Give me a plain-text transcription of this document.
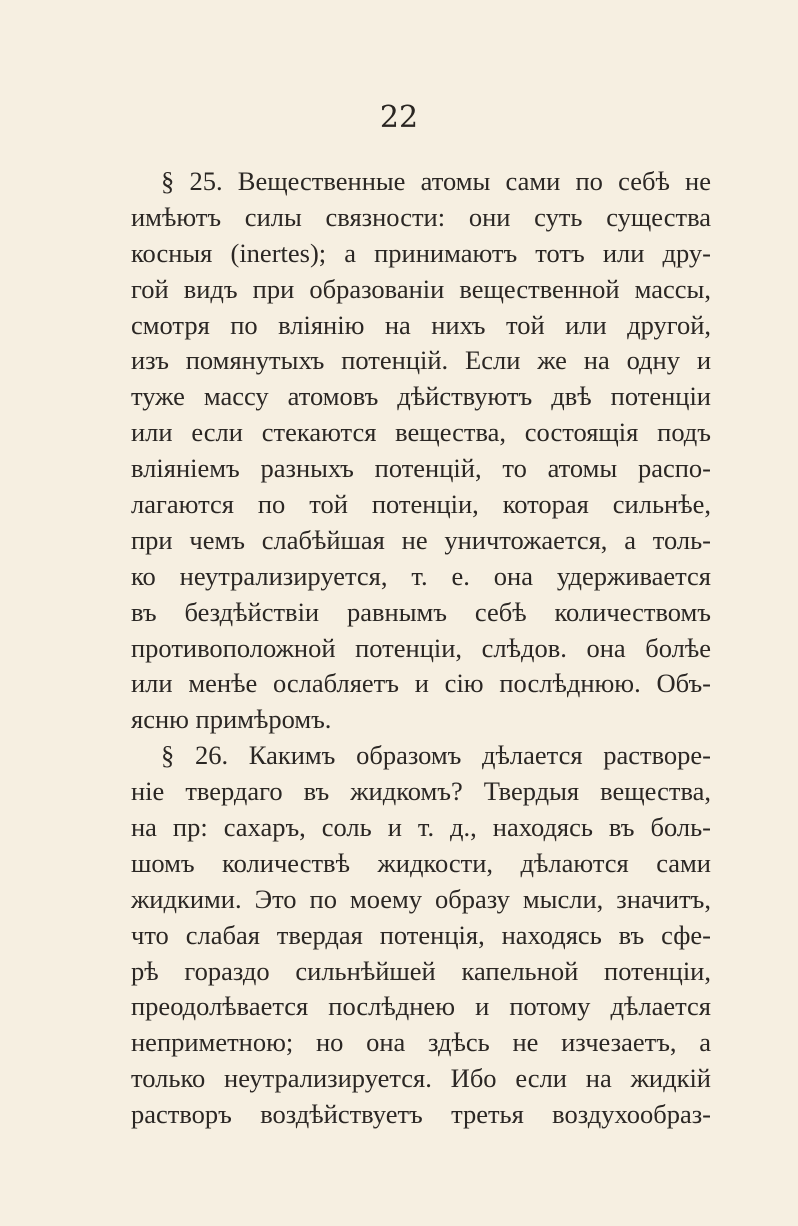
22
§ 25. Вещественные атомы сами по себѣ не
имѣютъ силы связности: они суть существа
косныя (inertes); а принимаютъ тотъ или дру-
гой видъ при образованіи вещественной массы,
смотря по вліянію на нихъ той или другой,
изъ помянутыхъ потенцій. Если же на одну и
туже массу атомовъ дѣйствуютъ двѣ потенціи
или если стекаются вещества, состоящія подъ
вліяніемъ разныхъ потенцій, то атомы распо-
лагаются по той потенціи, которая сильнѣе,
при чемъ слабѣйшая не уничтожается, а толь-
ко неутрализируется, т. е. она удерживается
въ бездѣйствіи равнымъ себѣ количествомъ
противоположной потенціи, слѣдов. она болѣе
или менѣе ослабляетъ и сію послѣднюю. Объ-
ясню примѣромъ.
§ 26. Какимъ образомъ дѣлается растворе-
ніе твердаго въ жидкомъ? Твердыя вещества,
на пр: сахаръ, соль и т. д., находясь въ боль-
шомъ количествѣ жидкости, дѣлаются сами
жидкими. Это по моему образу мысли, значитъ,
что слабая твердая потенція, находясь въ сфе-
рѣ гораздо сильнѣйшей капельной потенціи,
преодолѣвается послѣднею и потому дѣлается
неприметною; но она здѣсь не изчезаетъ, а
только неутрализируется. Ибо если на жидкій
растворъ воздѣйствуетъ третья воздухообраз-
